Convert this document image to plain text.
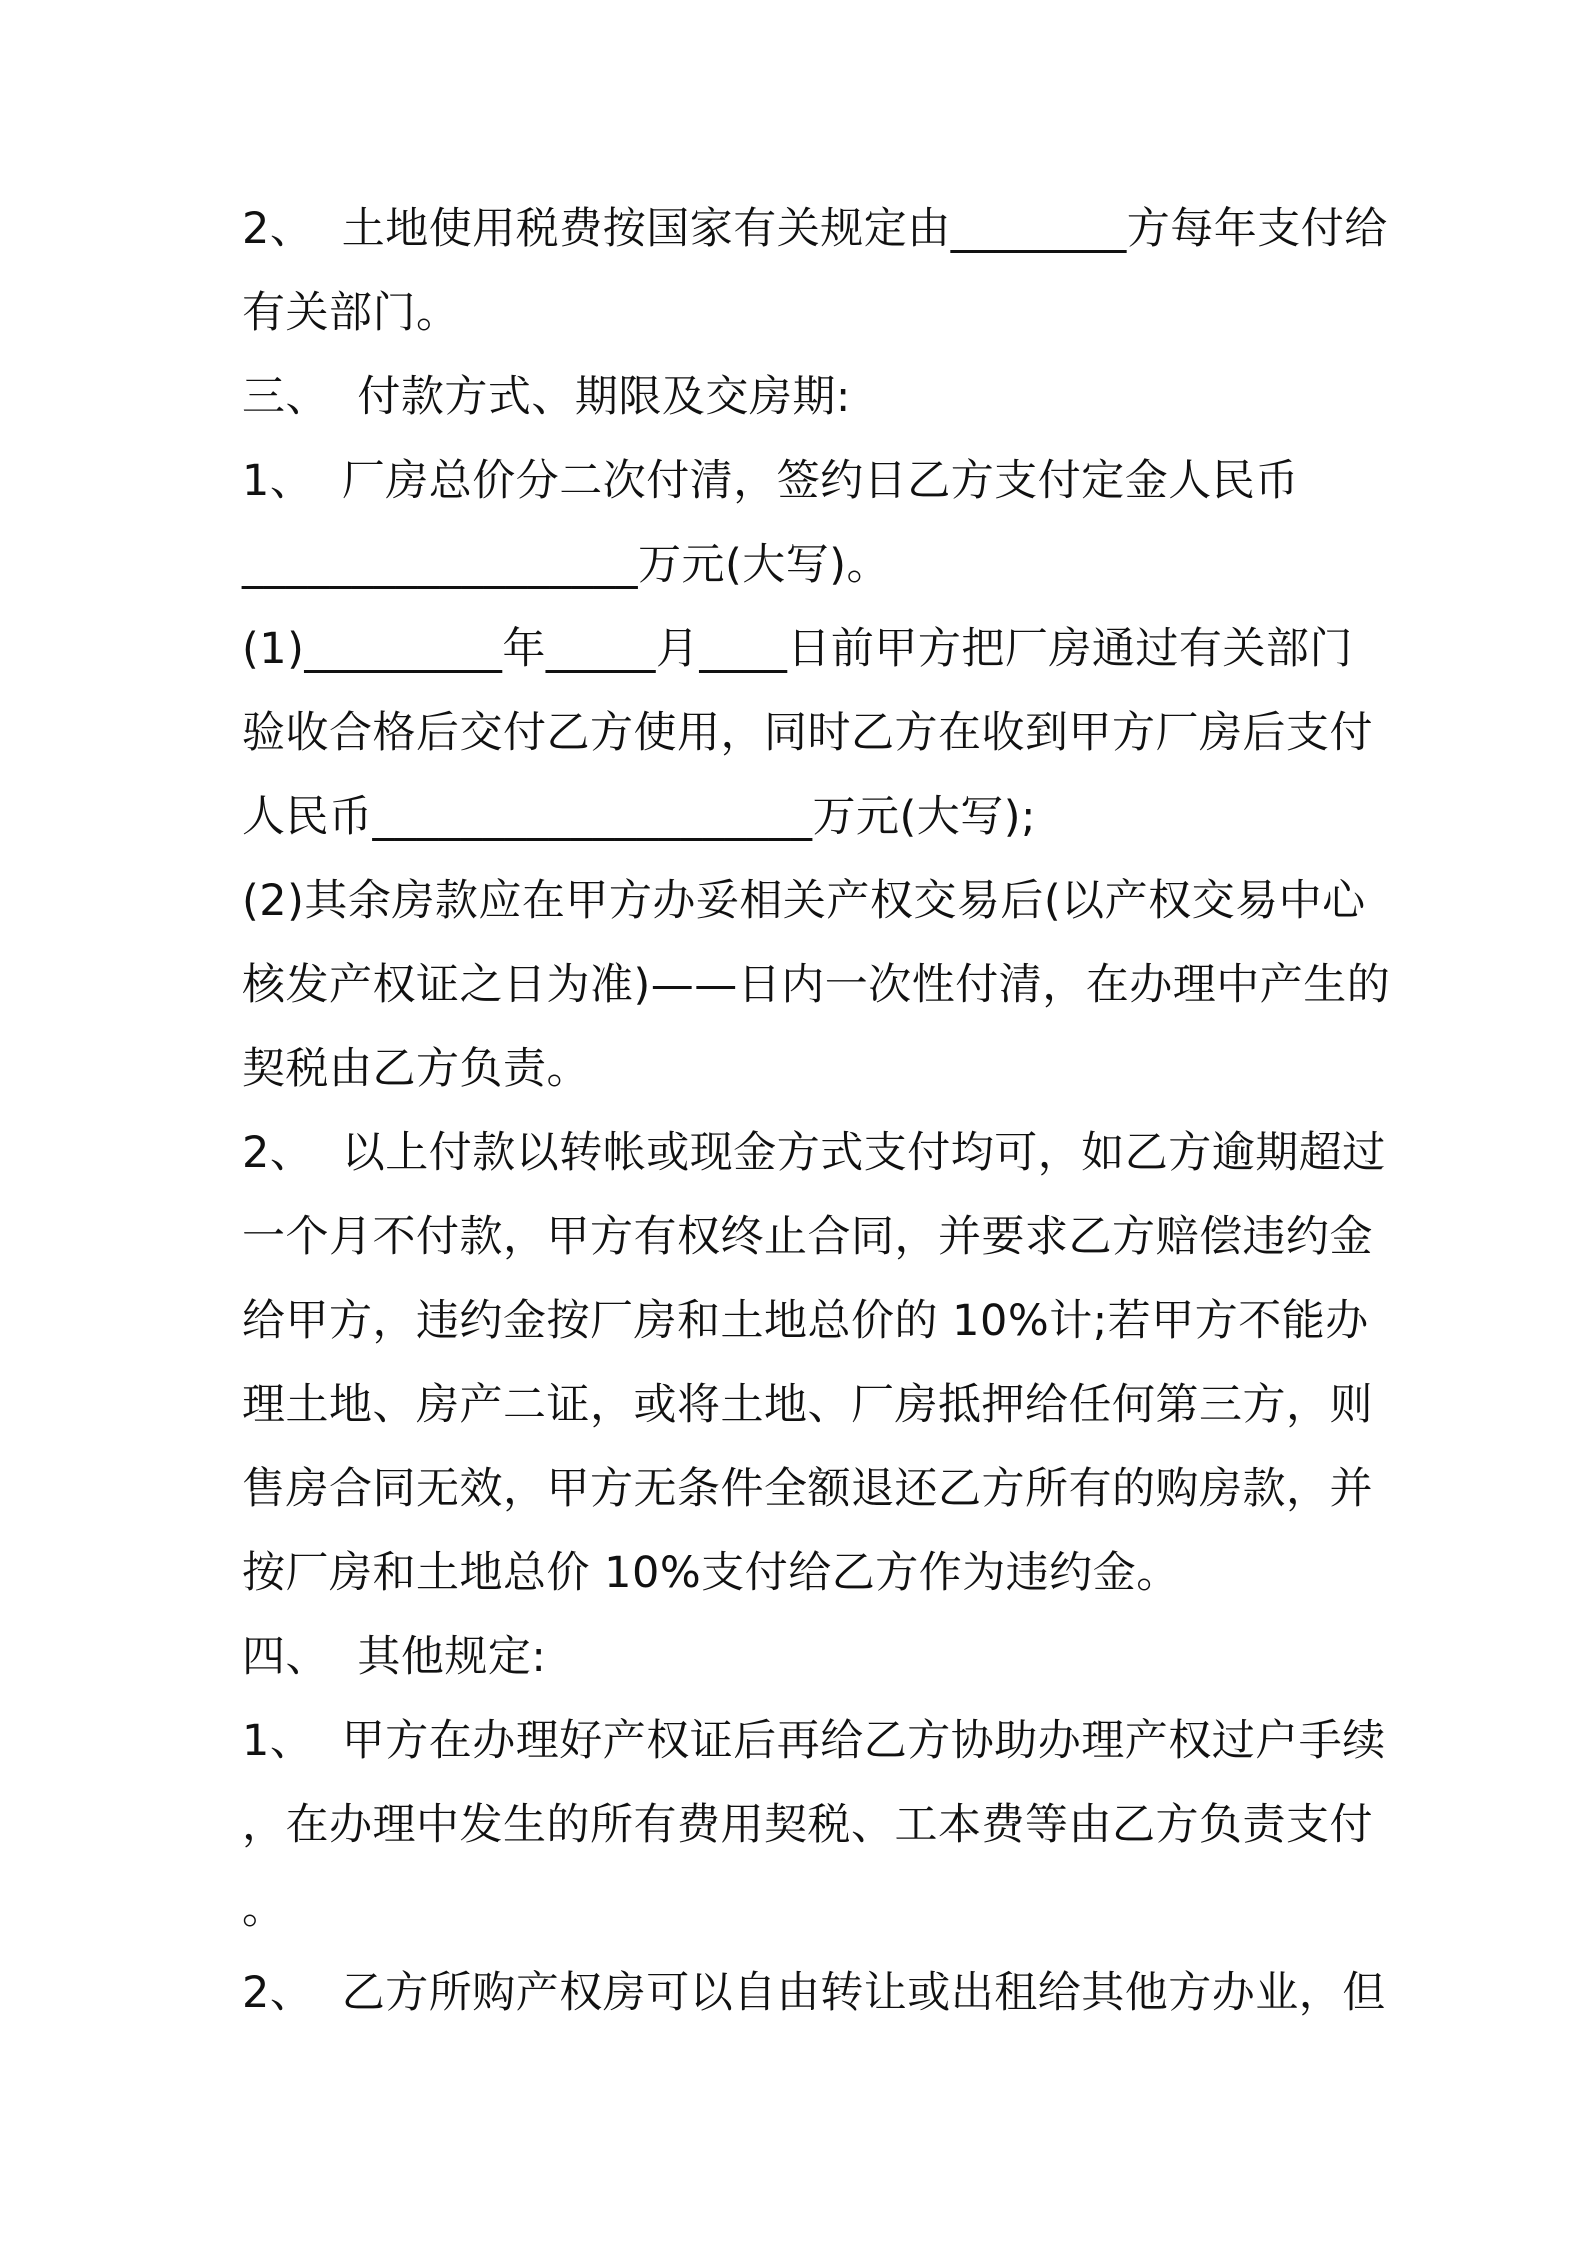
2、  土地使用税费按国家有关规定由________方每年支付给
有关部门。
三、  付款方式、期限及交房期:
1、  厂房总价分二次付清，签约日乙方支付定金人民币
__________________万元(大写)。
(1)_________年_____月____日前甲方把厂房通过有关部门
验收合格后交付乙方使用，同时乙方在收到甲方厂房后支付
人民币____________________万元(大写);
(2)其余房款应在甲方办妥相关产权交易后(以产权交易中心
核发产权证之日为准)——日内一次性付清，在办理中产生的
契税由乙方负责。
2、  以上付款以转帐或现金方式支付均可，如乙方逾期超过
一个月不付款，甲方有权终止合同，并要求乙方赔偿违约金
给甲方，违约金按厂房和土地总价的 10%计;若甲方不能办
理土地、房产二证，或将土地、厂房抵押给任何第三方，则
售房合同无效，甲方无条件全额退还乙方所有的购房款，并
按厂房和土地总价 10%支付给乙方作为违约金。
四、  其他规定:
1、  甲方在办理好产权证后再给乙方协助办理产权过户手续
，在办理中发生的所有费用契税、工本费等由乙方负责支付
。
2、  乙方所购产权房可以自由转让或出租给其他方办业，但
